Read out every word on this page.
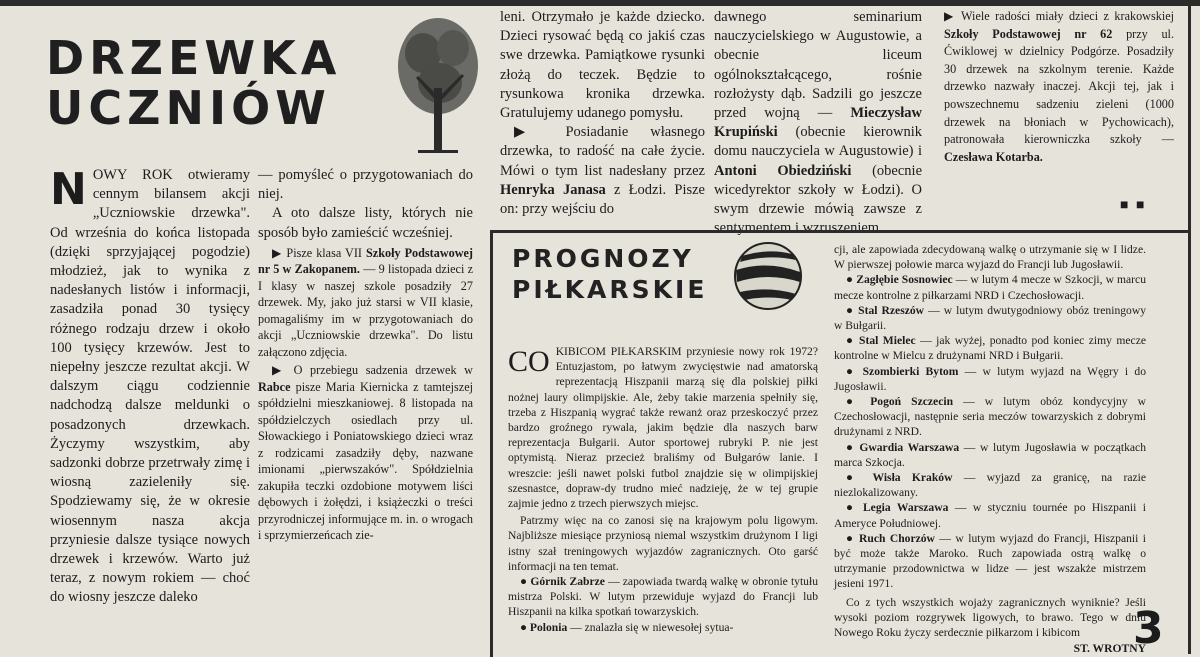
DRZEWKA
UCZNIÓW
N OWY ROK otwieramy cennym bilansem akcji „Uczniowskie drzewka". Od września do końca listopada (dzięki sprzyjającej pogodzie) młodzież, jak to wynika z nadesłanych listów i informacji, zasadziła ponad 30 tysięcy różnego rodzaju drzew i około 100 tysięcy krzewów. Jest to niepełny jeszcze rezultat akcji. W dalszym ciągu codziennie nadchodzą dalsze meldunki o posadzonych drzewkach. Życzymy wszystkim, aby sadzonki dobrze przetrwały zimę i wiosną zazieleniły się. Spodziewamy się, że w okresie wiosennym nasza akcja przyniesie dalsze tysiące nowych drzewek i krzewów. Warto już teraz, z nowym rokiem — choć do wiosny jeszcze daleko

— pomyśleć o przygotowaniach do niej.

A oto dalsze listy, których nie sposób było zamieścić wcześniej.

▶ Pisze klasa VII Szkoły Podstawowej nr 5 w Zakopanem. — 9 listopada dzieci z I klasy w naszej szkole posadziły 27 drzewek. My, jako już starsi w VII klasie, pomagaliśmy im w przygotowaniach do akcji „Uczniowskie drzewka". Do listu załączono zdjęcia.

▶ O przebiegu sadzenia drzewek w Rabce pisze Maria Kiernicka z tamtejszej spółdzielni mieszkaniowej. 8 listopada na spółdzielczych osiedlach przy ul. Słowackiego i Poniatowskiego dzieci wraz z rodzicami zasadziły dęby, nazwane imionami „pierwszaków". Spółdzielnia zakupiła teczki ozdobione motywem liści dębowych i żołędzi, i książeczki o treści przyrodniczej informujące m. in. o wrogach i sprzymierzeńcach zie-

leni. Otrzymało je każde dziecko. Dzieci rysować będą co jakiś czas swe drzewka. Pamiątkowe rysunki złożą do teczek. Będzie to rysunkowa kronika drzewka. Gratulujemy udanego pomysłu.

▶ Posiadanie własnego drzewka, to radość na całe życie. Mówi o tym list nadesłany przez Henryka Janasa z Łodzi. Pisze on: przy wejściu do

dawnego seminarium nauczycielskiego w Augustowie, a obecnie liceum ogólnokształcącego, rośnie rozłożysty dąb. Sadzili go jeszcze przed wojną — Mieczysław Krupiński (obecnie kierownik domu nauczyciela w Augustowie) i Antoni Obiedziński (obecnie wicedyrektor szkoły w Łodzi). O swym drzewie mówią zawsze z sentymentem i wzruszeniem.
▶ Wiele radości miały dzieci z krakowskiej Szkoły Podstawowej nr 62 przy ul. Ćwiklowej w dzielnicy Podgórze. Posadziły 30 drzewek na szkolnym terenie. Każde drzewko nazwały inaczej. Akcji tej, jak i powszechnemu sadzeniu zieleni (1000 drzewek na błoniach w Pychowicach), patronowała kierowniczka szkoły — Czesława Kotarba.
■ ■
PROGNOZY
PIŁKARSKIE

CO KIBICOM PIŁKARSKIM przyniesie nowy rok 1972? Entuzjastom, po łatwym zwycięstwie nad amatorską reprezentacją Hiszpanii marzą się dla polskiej piłki nożnej laury olimpijskie. Ale, żeby takie marzenia spełniły się, trzeba z Hiszpanią wygrać także rewanż oraz przeskoczyć przez bardzo groźnego rywala, jakim będzie dla naszych barw reprezentacja Bułgarii. Autor sportowej rubryki P. nie jest optymistą. Nieraz przecież braliśmy od Bułgarów lanie. I wreszcie: jeśli nawet polski futbol znajdzie się w olimpijskiej szesnastce, dopraw-dy trudno mieć nadzieję, że w tej grupie zajmie jedno z trzech pierwszych miejsc.

Patrzmy więc na co zanosi się na krajowym polu ligowym. Najbliższe miesiące przyniosą niemal wszystkim drużynom I ligi istny szał treningowych wyjazdów zagranicznych. Oto garść informacji na ten temat.

● Górnik Zabrze — zapowiada twardą walkę w obronie tytułu mistrza Polski. W lutym przewiduje wyjazd do Francji lub Hiszpanii na kilka spotkań towarzyskich.

● Polonia — znalazła się w niewesołej sytua-

cji, ale zapowiada zdecydowaną walkę o utrzymanie się w I lidze. W pierwszej połowie marca wyjazd do Francji lub Jugosławii.

● Zagłębie Sosnowiec — w lutym 4 mecze w Szkocji, w marcu mecze kontrolne z piłkarzami NRD i Czechosłowacji.

● Stal Rzeszów — w lutym dwutygodniowy obóz treningowy w Bułgarii.

● Stal Mielec — jak wyżej, ponadto pod koniec zimy mecze kontrolne w Mielcu z drużynami NRD i Bułgarii.

● Szombierki Bytom — w lutym wyjazd na Węgry i do Jugosławii.

● Pogoń Szczecin — w lutym obóz kondycyjny w Czechosłowacji, następnie seria meczów towarzyskich z dobrymi drużynami z NRD.

● Gwardia Warszawa — w lutym Jugosławia w początkach marca Szkocja.

● Wisła Kraków — wyjazd za granicę, na razie niezlokalizowany.

● Legia Warszawa — w styczniu tournée po Hiszpanii i Ameryce Południowej.

● Ruch Chorzów — w lutym wyjazd do Francji, Hiszpanii i być może także Maroko. Ruch zapowiada ostrą walkę o utrzymanie przodownictwa w lidze — jest wszakże mistrzem jesieni 1971.

Co z tych wszystkich wojaży zagranicznych wyniknie? Jeśli wysoki poziom rozgrywek ligowych, to brawo. Tego w dniu Nowego Roku życzy serdecznie piłkarzom i kibicom

ST. WROTNY

3
